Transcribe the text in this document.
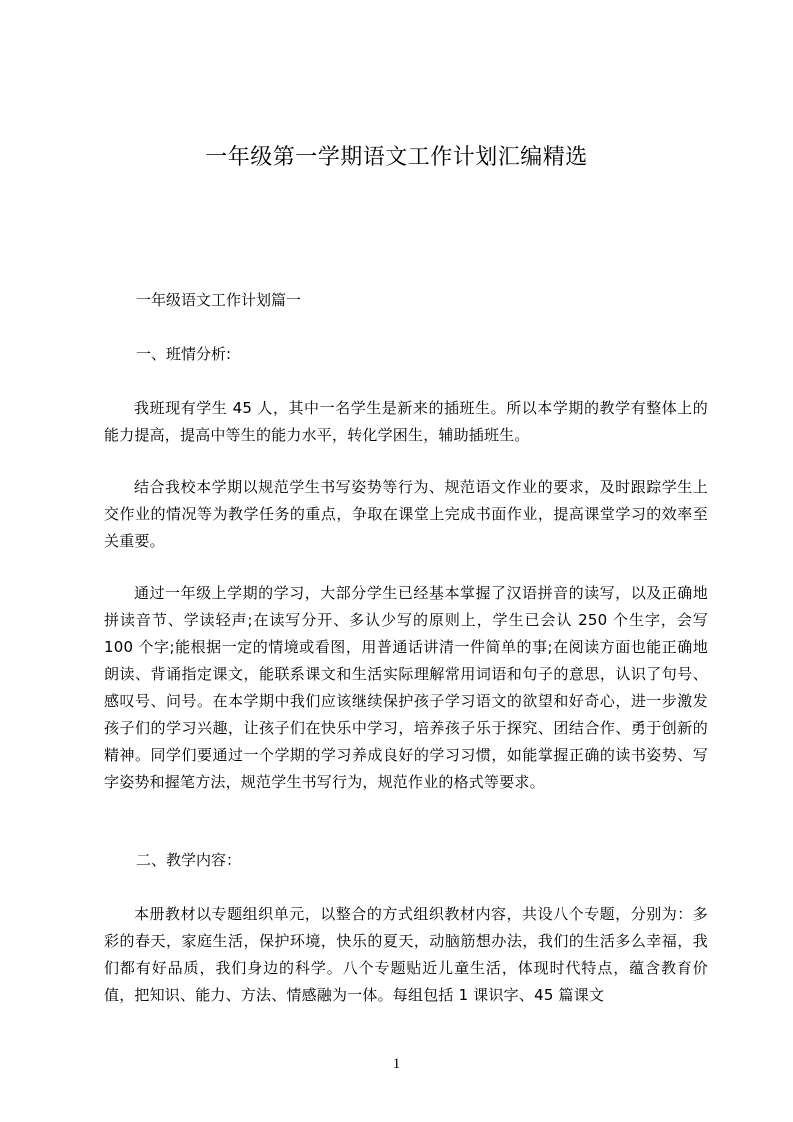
一年级第一学期语文工作计划汇编精选
一年级语文工作计划篇一
一、班情分析:

我班现有学生 45 人，其中一名学生是新来的插班生。所以本学期的教学有整体上的能力提高，提高中等生的能力水平，转化学困生，辅助插班生。

结合我校本学期以规范学生书写姿势等行为、规范语文作业的要求，及时跟踪学生上交作业的情况等为教学任务的重点，争取在课堂上完成书面作业，提高课堂学习的效率至关重要。

通过一年级上学期的学习，大部分学生已经基本掌握了汉语拼音的读写，以及正确地拼读音节、学读轻声;在读写分开、多认少写的原则上，学生已会认 250 个生字，会写 100 个字;能根据一定的情境或看图，用普通话讲清一件简单的事;在阅读方面也能正确地朗读、背诵指定课文，能联系课文和生活实际理解常用词语和句子的意思，认识了句号、感叹号、问号。在本学期中我们应该继续保护孩子学习语文的欲望和好奇心，进一步激发孩子们的学习兴趣，让孩子们在快乐中学习，培养孩子乐于探究、团结合作、勇于创新的精神。同学们要通过一个学期的学习养成良好的学习习惯，如能掌握正确的读书姿势、写字姿势和握笔方法，规范学生书写行为，规范作业的格式等要求。

二、教学内容：

本册教材以专题组织单元，以整合的方式组织教材内容，共设八个专题，分别为：多彩的春天，家庭生活，保护环境，快乐的夏天，动脑筋想办法，我们的生活多么幸福，我们都有好品质，我们身边的科学。八个专题贴近儿童生活，体现时代特点，蕴含教育价值，把知识、能力、方法、情感融为一体。每组包括 1 课识字、45 篇课文

1
